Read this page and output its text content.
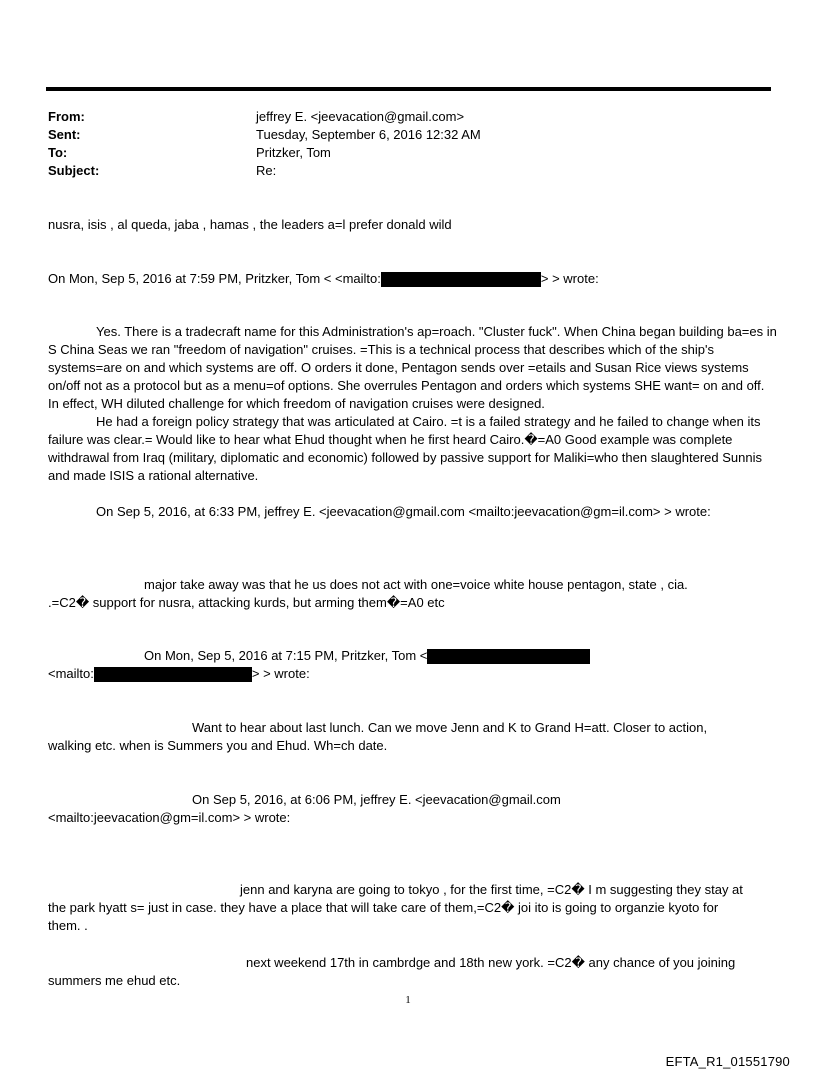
From:	jeffrey E. <jeevacation@gmail.com>
Sent:	Tuesday, September 6, 2016 12:32 AM
To:	Pritzker, Tom
Subject:	Re:
nusra, isis , al queda, jaba , hamas , the leaders a=l prefer donald wild
On Mon, Sep 5, 2016 at 7:59 PM, Pritzker, Tom < <mailto:	> > wrote:
Yes. There is a tradecraft name for this Administration's ap=roach. "Cluster fuck". When China began building ba=es in S China Seas we ran "freedom of navigation" cruises. =This is a technical process that describes which of the ship's systems=are on and which systems are off. O orders it done, Pentagon sends over =etails and Susan Rice views systems on/off not as a protocol but as a menu=of options. She overrules Pentagon and orders which systems SHE want= on and off. In effect, WH diluted challenge for which freedom of navigation cruises were designed.
He had a foreign policy strategy that was articulated at Cairo. =t is a failed strategy and he failed to change when its failure was clear.= Would like to hear what Ehud thought when he first heard Cairo.�=A0 Good example was complete withdrawal from Iraq (military, diplomatic and economic) followed by passive support for Maliki=who then slaughtered Sunnis and made ISIS a rational alternative.
On Sep 5, 2016, at 6:33 PM, jeffrey E. <jeevacation@gmail.com <mailto:jeevacation@gm=il.com> > wrote:
major take away was that he us does not act with one=voice white house pentagon, state , cia.
.=C2� support for nusra, attacking kurds, but arming them�=A0 etc
On Mon, Sep 5, 2016 at 7:15 PM, Pritzker, Tom <
<mailto:	> > wrote:
Want to hear about last lunch. Can we move Jenn and K to Grand H=att. Closer to action,
walking etc. when is Summers you and Ehud. Wh=ch date.
On Sep 5, 2016, at 6:06 PM, jeffrey E. <jeevacation@gmail.com
<mailto:jeevacation@gm=il.com> > wrote:
jenn and karyna are going to tokyo , for the first time, =C2� I m suggesting they stay at
the park hyatt s= just in case. they have a place that will take care of them,=C2� joi ito is going to organzie kyoto for
them. .
next weekend 17th in cambrdge and 18th new york. =C2� any chance of you joining
summers me ehud etc.
1
EFTA_R1_01551790
